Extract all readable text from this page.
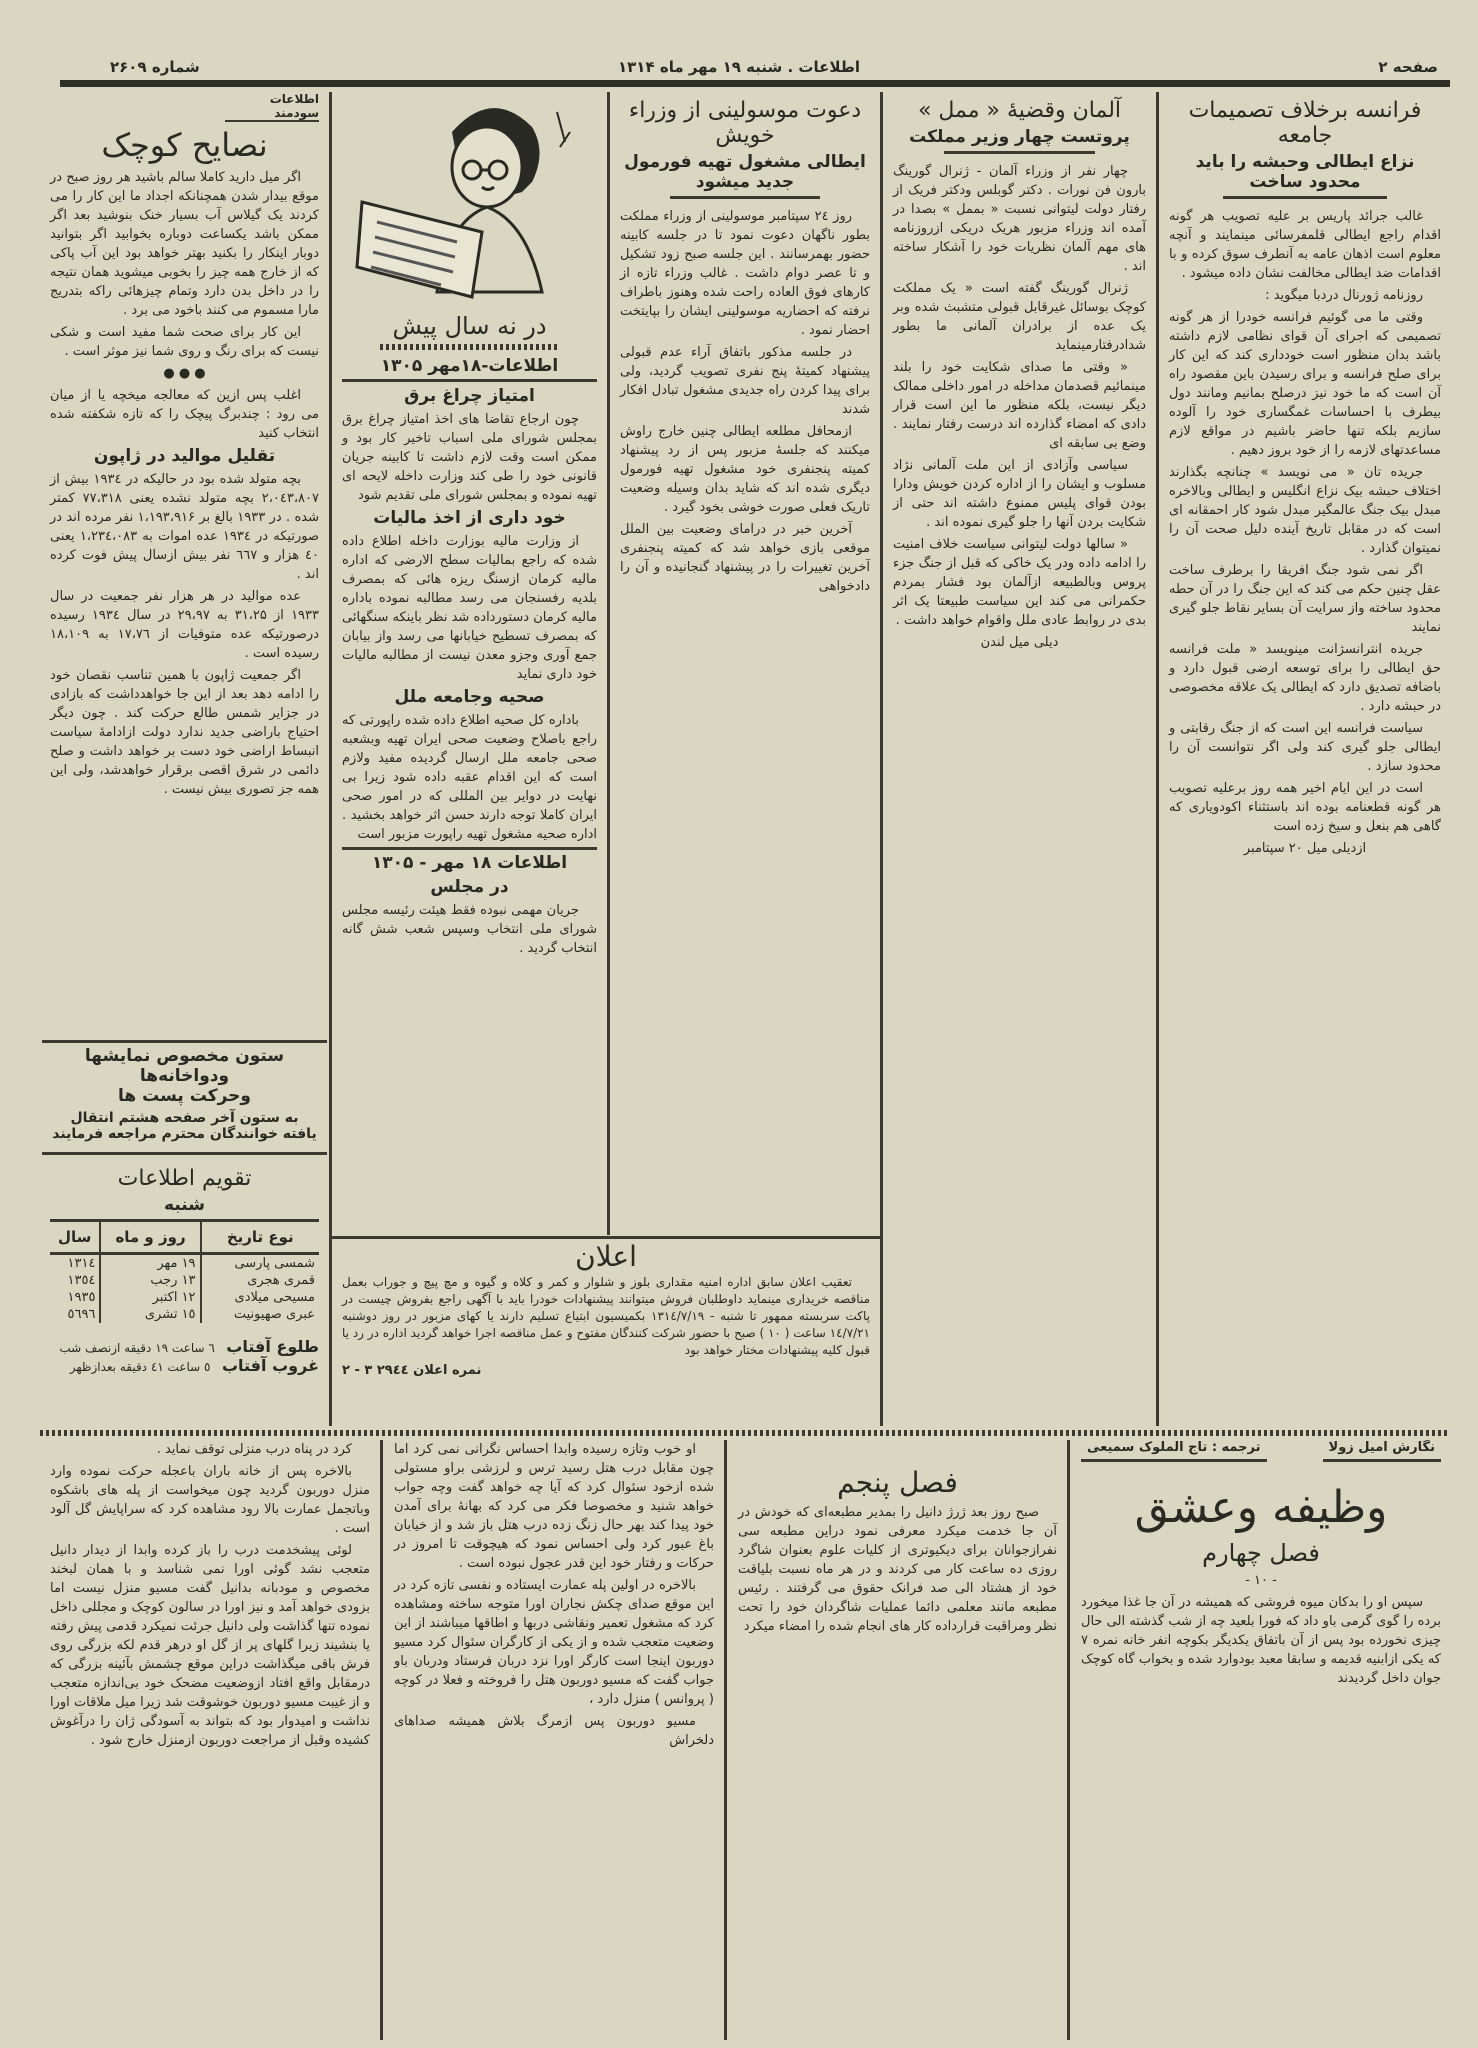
صفحه ۲
اطلاعات . شنبه ۱۹ مهر ماه ۱۳۱۴
شماره ۲۶۰۹
فرانسه برخلاف تصمیمات جامعه
نزاع ایطالی وحبشه را باید محدود ساخت

غالب جرائد پاریس بر علیه تصویب هر گونه اقدام راجع ایطالی قلمفرسائی مینمایند و آنچه معلوم است اذهان عامه به آنطرف سوق کرده و با اقدامات ضد ایطالی مخالفت نشان داده میشود .

روزنامه ژورنال دردبا میگوید :

وقتی ما می گوئیم فرانسه خودرا از هر گونه تصمیمی که اجرای آن قوای نظامی لازم داشته باشد بدان منظور است خودداری کند که این کار برای صلح فرانسه و برای رسیدن باین مقصود راه آن است که ما خود نیز درصلح بمانیم ومانند دول بیطرف با احساسات غمگساری خود را آلوده سازیم بلکه تنها حاضر باشیم در مواقع لازم مساعدتهای لازمه را از خود بروز دهیم .

جریده تان « می نویسد » چنانچه بگذارند اختلاف حبشه بیک نزاع انگلیس و ایطالی وبالاخره مبدل بیک جنگ عالمگیر مبدل شود کار احمقانه ای است که در مقابل تاریخ آینده دلیل صحت آن را نمیتوان گذارد .

اگر نمی شود جنگ افریقا را برطرف ساخت عقل چنین حکم می کند که این جنگ را در آن حطه محدود ساخته واز سرایت آن بسایر نقاط جلو گیری نمایند

جریده انترانسژانت مینویسد « ملت فرانسه حق ایطالی را برای توسعه ارضی قبول دارد و باضافه تصدیق دارد که ایطالی یک علاقه مخصوصی در حبشه دارد .

سیاست فرانسه این است که از جنگ رقابتی و ایطالی جلو گیری کند ولی اگر نتوانست آن را محدود سازد .

است در این ایام اخیر همه روز برعلیه تصویب هر گونه قطعنامه بوده اند باستثناء اکودویاری که گاهی هم بنعل و سیخ زده است

ازدیلی میل ۲۰ سپتامبر

آلمان وقضیهٔ « ممل »
پروتست چهار وزیر مملکت

چهار نفر از وزراء آلمان - ژنرال گورینگ بارون فن نورات . دکتر گوبلس ودکتر فریک از رفتار دولت لیتوانی نسبت « بممل » بصدا در آمده اند وزراء مزبور هریک دریکی ازروزنامه های مهم آلمان نظریات خود را آشکار ساخته اند .

ژنرال گورینگ گفته است « یک مملکت کوچک بوسائل غیرقابل قبولی متشبث شده وبر یک عده از برادران آلمانی ما بطور شدادرفتارمینماید

« وقتی ما صدای شکایت خود را بلند مینمائیم قصدمان مداخله در امور داخلی ممالک دیگر نیست، بلکه منظور ما این است قرار دادی که امضاء گذارده اند درست رفتار نمایند . وضع بی سابقه ای

سیاسی وآزادی از این ملت آلمانی نژاد مسلوب و ایشان را از اداره کردن خویش ودارا بودن قوای پلیس ممنوع داشته اند حتی از شکایت بردن آنها را جلو گیری نموده اند .

« سالها دولت لیتوانی سیاست خلاف امنیت را ادامه داده ودر یک خاکی که قبل از جنگ جزء پروس وبالطبیعه ازآلمان بود فشار بمردم حکمرانی می کند این سیاست طبیعتا یک اثر بدی در روابط عادی ملل واقوام خواهد داشت .

دیلی میل لندن

دعوت موسولینی از وزراء خویش
ایطالی مشغول تهیه فورمول جدید میشود

روز ۲٤ سپتامبر موسولینی از وزراء مملکت بطور ناگهان دعوت نمود تا در جلسه کابینه حضور بهمرسانند . این جلسه صبح زود تشکیل و تا عصر دوام داشت . غالب وزراء تازه از کارهای فوق العاده راحت شده وهنوز باطراف نرفته که احضاریه موسولینی ایشان را بپایتخت احضار نمود .

در جلسه مذکور باتفاق آراء عدم قبولی پیشنهاد کمیتهٔ پنج نفری تصویب گردید، ولی برای پیدا کردن راه جدیدی مشغول تبادل افکار شدند

ازمحافل مطلعه ایطالی چنین خارج راوش میکنند که جلسهٔ مزبور پس از رد پیشنهاد کمیته پنجنفری خود مشغول تهیه فورمول دیگری شده اند که شاید بدان وسیله وضعیت تاریک فعلی صورت خوشی بخود گیرد .

آخرین خبر در دراماى وضعیت بین الملل موقعی بازی خواهد شد که کمیته پنجنفری آخرین تغییرات را در پیشنهاد گنجانیده و آن را دادخواهی

در نه سال پیش
اطلاعات-۱۸مهر ۱۳۰۵
امتیاز چراغ برق

چون ارجاع تقاضا های اخذ امتیاز چراغ برق بمجلس شورای ملی اسباب تاخیر کار بود و ممکن است وقت لازم داشت تا کابینه جریان قانونی خود را طی کند وزارت داخله لایحه ای تهیه نموده و بمجلس شورای ملی تقدیم شود

خود داری از اخذ مالیات

از وزارت مالیه بوزارت داخله اطلاع داده شده که راجع بمالیات سطح الارضی که اداره مالیه کرمان ازسنگ ریزه هائی که بمصرف بلدیه رفسنجان می رسد مطالبه نموده باداره مالیه کرمان دستورداده شد نظر باینکه سنگهائی که بمصرف تسطیح خیابانها می رسد واز بیابان جمع آوری وجزو معدن نیست از مطالبه مالیات خود داری نماید

صحیه وجامعه ملل

باداره کل صحیه اطلاع داده شده راپورتی که راجع باصلاح وضعیت صحی ایران تهیه وبشعبه صحی جامعه ملل ارسال گردیده مفید ولازم است که این اقدام عقبه داده شود زیرا بی نهایت در دوایر بین المللی که در امور صحی ایران کاملا توجه دارند حسن اثر خواهد بخشید . اداره صحیه مشغول تهیه راپورت مزبور است

اطلاعات ۱۸ مهر - ۱۳۰۵
در مجلس

جریان مهمی نبوده فقط هیئت رئیسه مجلس شورای ملی انتخاب وسپس شعب شش گانه انتخاب گردید .

اطلاعات سودمند
نصایح کوچک

اگر میل دارید کاملا سالم باشید هر روز صبح در موقع بیدار شدن همچنانکه اجداد ما این کار را می کردند یک گیلاس آب بسیار خنک بنوشید بعد اگر ممکن باشد یکساعت دوباره بخوابید اگر بتوانید دوبار اینکار را بکنید بهتر خواهد بود این آب پاکی که از خارج همه چیز را بخوبی میشوید همان نتیجه را در داخل بدن دارد وتمام چیزهائی راکه بتدریج مارا مسموم می کنند باخود می برد .

این کار برای صحت شما مفید است و شکی نیست که برای رنگ و روی شما نیز موثر است .

● ● ●

اغلب پس ازین که معالجه میخچه یا از میان می رود : چندبرگ پیچک را که تازه شکفته شده انتخاب کنید

تقلیل موالید در ژاپون

بچه متولد شده بود در حالیکه در ۱۹۳٤ بیش از ۲،۰٤۳،۸۰۷ بچه متولد نشده یعنی ۷۷،۳۱۸ کمتر شده . در ۱۹۳۳ بالغ بر ۱،۱۹۳،۹۱۶ نفر مرده اند در صورتیکه در ۱۹۳٤ عده اموات به ۱،۲۳٤،۰۸۳ یعنی ٤۰ هزار و ٦٦۷ نفر بیش ازسال پیش فوت کرده اند .

عده موالید در هر هزار نفر جمعیت در سال ۱۹۳۳ از ۳۱،۲۵ به ۲۹،۹۷ در سال ۱۹۳٤ رسیده درصورتیکه عده متوفیات از ۱۷،۷٦ به ۱۸،۱۰۹ رسیده است .

اگر جمعیت ژاپون با همین تناسب نقصان خود را ادامه دهد بعد از این جا خواهدداشت که بازادی در جزایر شمس طالع حرکت کند . چون دیگر احتیاج باراضی جدید ندارد دولت ازادامهٔ سیاست انبساط اراضی خود دست بر خواهد داشت و صلح دائمی در شرق اقصی برقرار خواهدشد، ولی این همه جز تصوری بیش نیست .

ستون مخصوص نمایشها ودواخانه‌ها
وحرکت پست ها
به ستون آخر صفحه هشتم انتقال
یافته خوانندگان محترم مراجعه فرمایند
تقویم اطلاعات
شنبه
نوع تاریخ	روز و ماه	سال
شمسی پارسی	۱۹ مهر	۱۳۱٤
قمری هجری	۱۳ رجب	۱۳٥٤
مسیحی میلادی	۱۲ اکتبر	۱۹۳٥
عبری صهیونیت	۱٥ تشری	٥٦۹٦
طلوع آفتاب   ٦ ساعت ۱۹ دقیقه ازنصف شب
غروب آفتاب   ٥ ساعت ٤۱ دقیقه بعدازظهر
اعلان

تعقیب اعلان سابق اداره امنیه مقداری بلوز و شلوار و کمر و کلاه و گیوه و مچ پیچ و جوراب بعمل مناقصه خریداری مینماید داوطلبان فروش میتوانند پیشنهادات خودرا باید با آگهی راجع بفروش چیست در پاکت سربسته ممهور تا شنبه - ۱۳۱٤/۷/۱۹ بکمیسیون ابتیاع تسلیم دارند یا کهای مزبور در روز دوشنبه ۱٤/۷/۲۱ ساعت ( ۱۰ ) صبح با حضور شرکت کنندگان مفتوح و عمل مناقصه اجرا خواهد گردید اداره در رد یا قبول کلیه پیشنهادات مختار خواهد بود

نمره اعلان ۲۹٤٤ ۳ - ۲

نگارش امیل زولا
ترجمه : تاج الملوک سمیعی
وظیفه وعشق
فصل چهارم

- ۱۰ -

سپس او را بدکان میوه فروشی که همیشه در آن جا غذا میخورد برده را گوی گرمی باو داد که فورا بلعید چه از شب گذشته الی حال چیزی نخورده بود پس از آن باتفاق یکدیگر بکوچه انفر خانه نمره ۷ که یکی ازابنیه قدیمه و سابقا معبد بودوارد شده و بخواب گاه کوچک جوان داخل گردیدند

فصل پنجم

صبح روز بعد ژرژ دانیل را بمدیر مطبعه‌ای که خودش در آن جا خدمت میکرد معرفی نمود دراین مطبعه سی نفرازجوانان برای دیکیوتری از کلیات علوم بعنوان شاگرد روزی ده ساعت کار می کردند و در هر ماه نسبت بلیاقت خود از هشتاد الی صد فرانک حقوق می گرفتند . رئیس مطبعه مانند معلمی دائما عملیات شاگردان خود را تحت نظر ومراقبت قرارداده کار های انجام شده را امضاء میکرد

او خوب وتازه رسیده وابدا احساس نگرانی نمی کرد اما چون مقابل درب هتل رسید ترس و لرزشی براو مستولی شده ازخود سئوال کرد که آیا چه خواهد گفت وچه جواب خواهد شنید و مخصوصا فکر می کرد که بهانهٔ برای آمدن خود پیدا کند بهر حال زنگ زده درب هتل باز شد و از خیابان باغ عبور کرد ولی احساس نمود که هیچوقت تا امروز در حرکات و رفتار خود این قدر عجول نبوده است .

بالاخره در اولین پله عمارت ایستاده و نفسی تازه کرد در این موقع صدای چکش نجاران اورا متوجه ساخته ومشاهده کرد که مشغول تعمیر ونقاشی دربها و اطاقها میباشند از این وضعیت متعجب شده و از یکی از کارگران سئوال کرد مسیو دوربون اینجا است کارگر اورا نزد دربان فرستاد ودربان باو جواب گفت که مسیو دوربون هتل را فروخته و فعلا در کوچه ( پروانس ) منزل دارد ،

مسیو دوربون پس ازمرگ بلاش همیشه صداهای دلخراش

کرد در پناه درب منزلی توقف نماید .

بالاخره پس از خانه باران باعجله حرکت نموده وارد منزل دوربون گردید چون میخواست از پله های باشکوه وباتجمل عمارت بالا رود مشاهده کرد که سراپایش گل آلود است .

لوئی پیشخدمت درب را باز کرده وابدا از دیدار دانیل متعجب نشد گوئی اورا نمی شناسد و با همان لبخند مخصوص و مودبانه بدانیل گفت مسیو منزل نیست اما بزودی خواهد آمد و نیز اورا در سالون کوچک و مجللی داخل نموده تنها گذاشت ولی دانیل جرئت نمیکرد قدمی پیش رفته یا بنشیند زیرا گلهای پر از گل او درهر قدم لکه بزرگی روی فرش باقی میگذاشت دراین موقع چشمش بآئینه بزرگی که درمقابل واقع افتاد ازوضعیت مضحک خود بی‌اندازه متعجب و از غیبت مسیو دوربون خوشوقت شد زیرا میل ملاقات اورا نداشت و امیدوار بود که بتواند به آسودگی ژان را درآغوش کشیده وقبل از مراجعت دوربون ازمنزل خارج شود .
